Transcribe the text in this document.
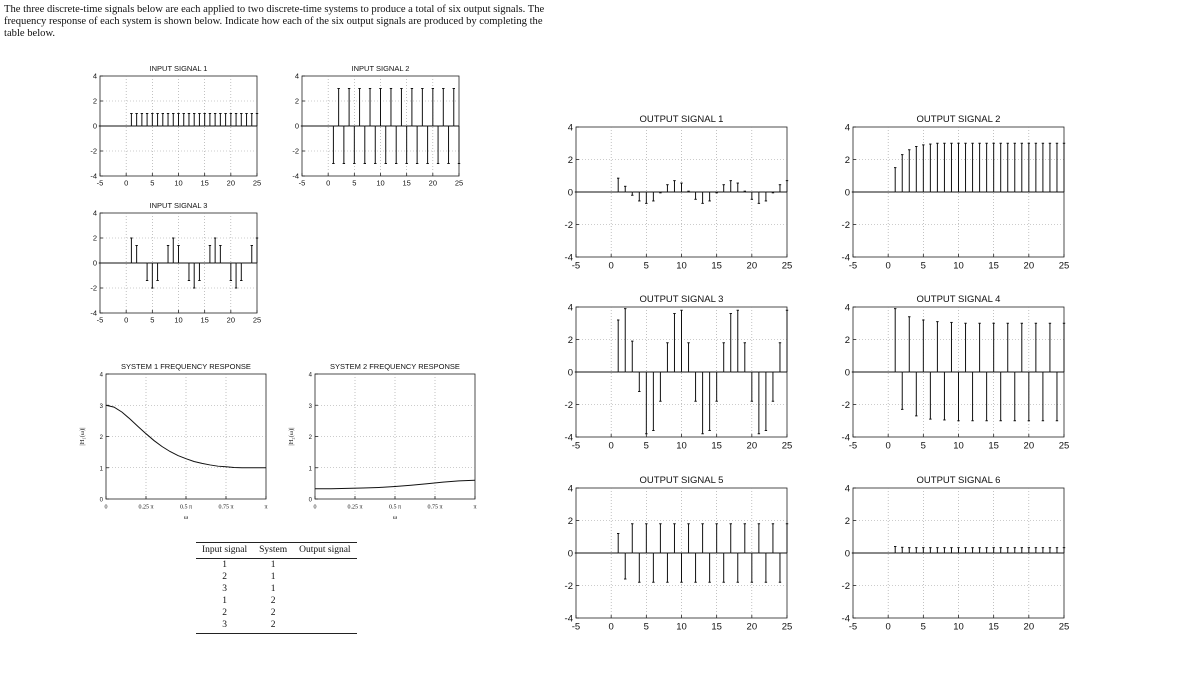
The three discrete-time signals below are each applied to two discrete-time systems to produce a total of six output signals. The frequency response of each system is shown below. Indicate how each of the six output signals are produced by completing the table below.

INPUT SIGNAL 1
-5	0	5	10 15 20 25
-4
-2
0
2
4
INPUT SIGNAL 2
-5	0	5	10 15 20 25
-4
-2
0
2
4
INPUT SIGNAL 3
-5	0	5	10 15 20 25
-4
-2
0
2
4
SYSTEM 1 FREQUENCY RESPONSE
0	0.25 π	0.5 π	0.75 π	π
0
1
2
3
4
ω
|H₁(ω)|
SYSTEM 2 FREQUENCY RESPONSE
0	0.25 π	0.5 π	0.75 π	π
0
1
2
3
4
ω
|H₂(ω)|
OUTPUT SIGNAL 1
-5	0	5	10	15	20	25
-4
-2
0
2
4
OUTPUT SIGNAL 2
-5	0	5	10	15	20	25
-4
-2
0
2
4
OUTPUT SIGNAL 3
-5	0	5	10	15	20	25
-4
-2
0
2
4
OUTPUT SIGNAL 4
-5	0	5	10	15	20	25
-4
-2
0
2
4
OUTPUT SIGNAL 5
-5	0	5	10	15	20	25
-4
-2
0
2
4
OUTPUT SIGNAL 6
-5	0	5	10	15	20	25
-4
-2
0
2
4
Input signal	System	Output signal
1	1	
2	1	
3	1	
1	2	
2	2	
3	2	
